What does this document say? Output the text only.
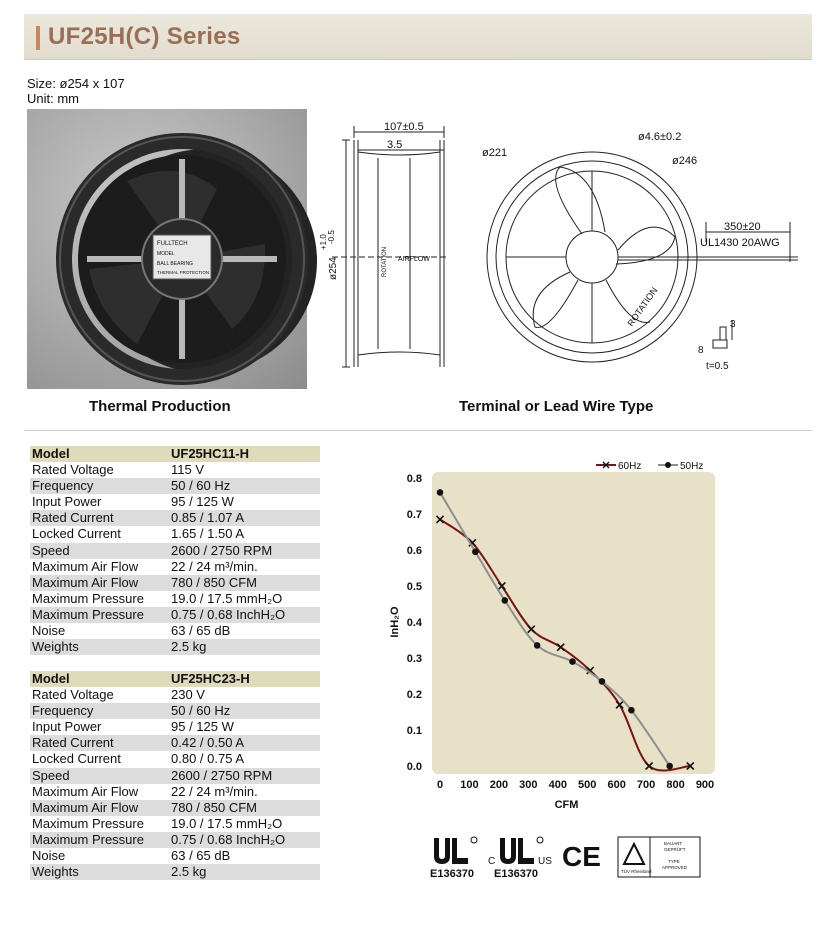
UF25H(C) Series
Size: ø254 x 107
Unit: mm
FULLTECH
MODEL
BALL BEARING
THERMAL PROTECTION
107±0.5
3.5
ø254
+1.0 -0.5
ROTATION AIRFLOW
ø221
ø4.6±0.2
ø246
350±20
UL1430 20AWG
ROTATION	3
8
t=0.5
Thermal Production	Terminal or Lead Wire Type
Model	UF25HC11-H
Rated Voltage	115 V
Frequency	50 / 60 Hz
Input Power	95 / 125 W
Rated Current	0.85 / 1.07 A
Locked Current	1.65 / 1.50 A
Speed	2600 / 2750 RPM
Maximum Air Flow	22 / 24 m³/min.
Maximum Air Flow	780 / 850 CFM
Maximum Pressure 19.0 / 17.5 mmH₂O
Maximum Pressure 0.75 / 0.68 InchH₂O
Noise	63 / 65 dB
Weights	2.5 kg
Model	UF25HC23-H
Rated Voltage	230 V
Frequency	50 / 60 Hz
Input Power	95 / 125 W
Rated Current	0.42 / 0.50 A
Locked Current	0.80 / 0.75 A
Speed	2600 / 2750 RPM
Maximum Air Flow	22 / 24 m³/min.
Maximum Air Flow	780 / 850 CFM
Maximum Pressure 19.0 / 17.5 mmH₂O
Maximum Pressure 0.75 / 0.68 InchH₂O
Noise	63 / 65 dB
Weights	2.5 kg
0.0
0.1
0.2
0.3
0.4
0.5
0.6
0.7
0.8
0 100 200 300 400 500 600 700 800 900
CFM
InH₂O
60Hz	50Hz
E136370
C	US
E136370
CE	TÜV Rheinland
BAUART
GEPRÜFT
TYPE
APPROVED
